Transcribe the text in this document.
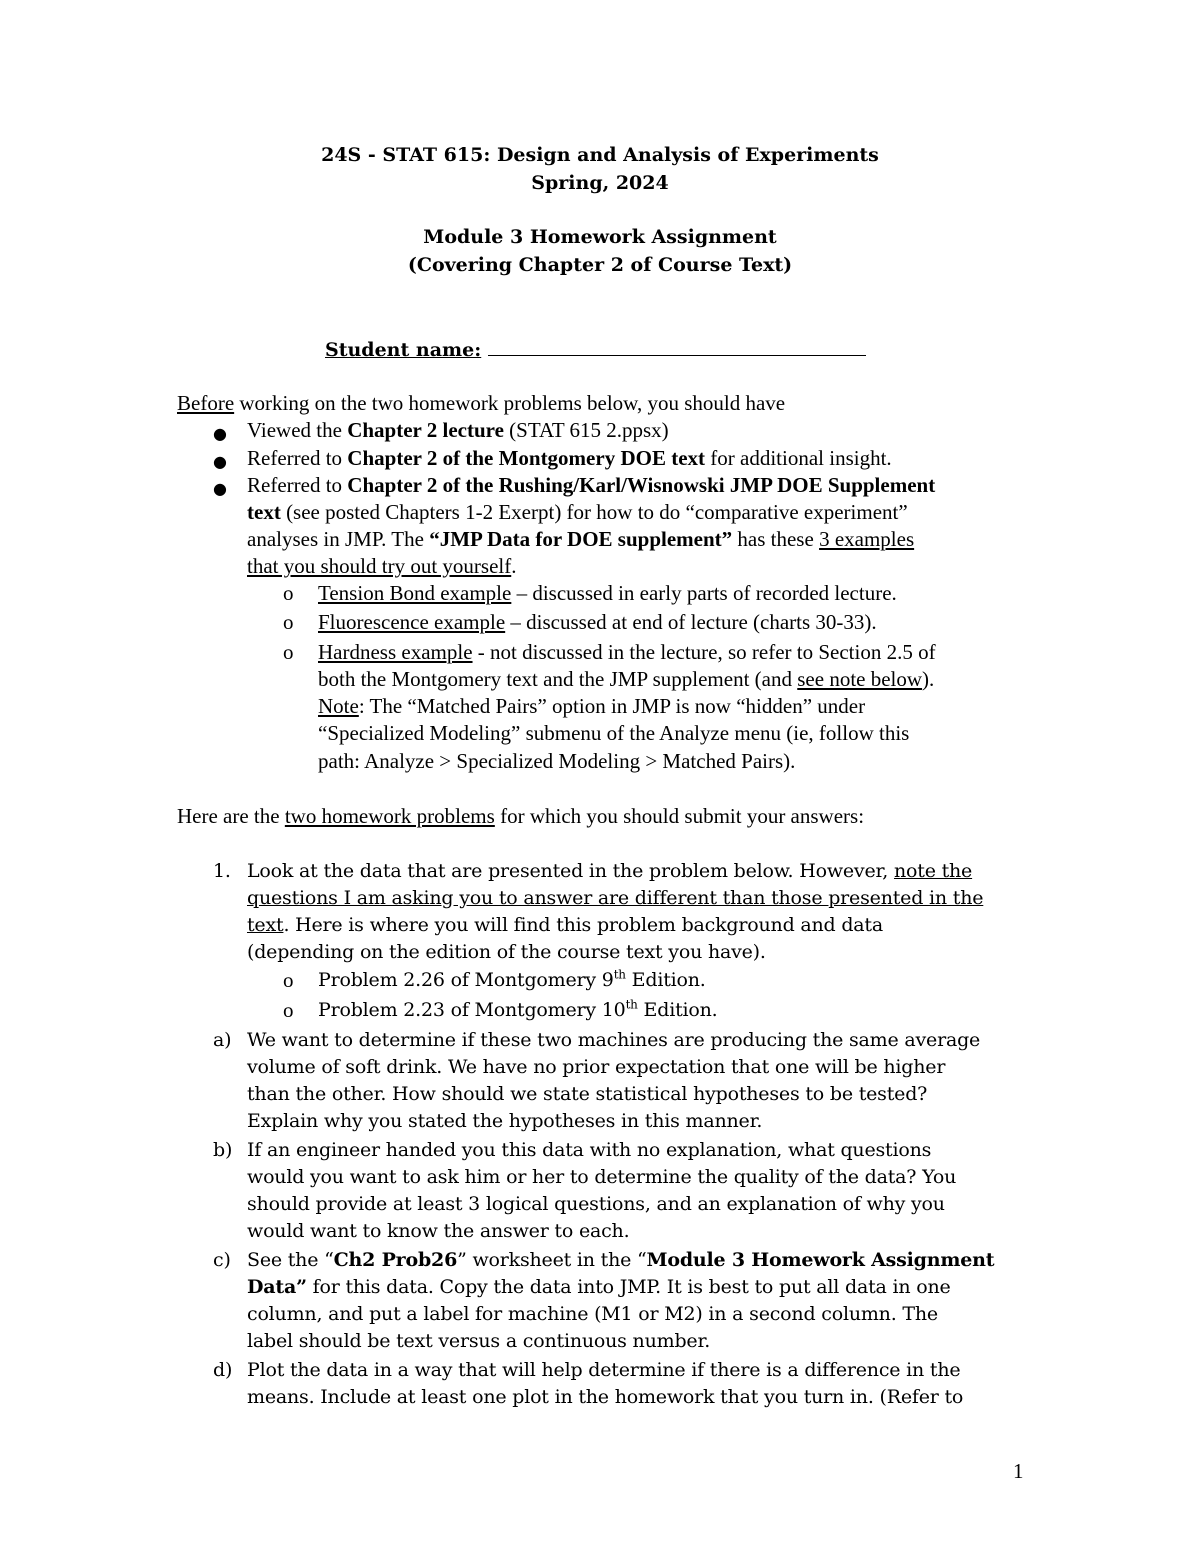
24S - STAT 615: Design and Analysis of Experiments
Spring, 2024
Module 3 Homework Assignment
(Covering Chapter 2 of Course Text)
Student name:
Before working on the two homework problems below, you should have
● Viewed the Chapter 2 lecture (STAT 615 2.ppsx)
● Referred to Chapter 2 of the Montgomery DOE text for additional insight.
● Referred to Chapter 2 of the Rushing/Karl/Wisnowski JMP DOE Supplement
text (see posted Chapters 1-2 Exerpt) for how to do “comparative experiment”
analyses in JMP. The “JMP Data for DOE supplement” has these 3 examples
that you should try out yourself.
o Tension Bond example – discussed in early parts of recorded lecture.
o Fluorescence example – discussed at end of lecture (charts 30-33).
o Hardness example - not discussed in the lecture, so refer to Section 2.5 of
both the Montgomery text and the JMP supplement (and see note below).
Note: The “Matched Pairs” option in JMP is now “hidden” under
“Specialized Modeling” submenu of the Analyze menu (ie, follow this
path: Analyze > Specialized Modeling > Matched Pairs).
Here are the two homework problems for which you should submit your answers:
1. Look at the data that are presented in the problem below. However, note the
questions I am asking you to answer are different than those presented in the
text. Here is where you will find this problem background and data
(depending on the edition of the course text you have).
o Problem 2.26 of Montgomery 9th Edition.
o Problem 2.23 of Montgomery 10th Edition.
a) We want to determine if these two machines are producing the same average
volume of soft drink. We have no prior expectation that one will be higher
than the other. How should we state statistical hypotheses to be tested?
Explain why you stated the hypotheses in this manner.
b) If an engineer handed you this data with no explanation, what questions
would you want to ask him or her to determine the quality of the data? You
should provide at least 3 logical questions, and an explanation of why you
would want to know the answer to each.
c) See the “Ch2 Prob26” worksheet in the “Module 3 Homework Assignment
Data” for this data. Copy the data into JMP. It is best to put all data in one
column, and put a label for machine (M1 or M2) in a second column. The
label should be text versus a continuous number.
d) Plot the data in a way that will help determine if there is a difference in the
means. Include at least one plot in the homework that you turn in. (Refer to
1
